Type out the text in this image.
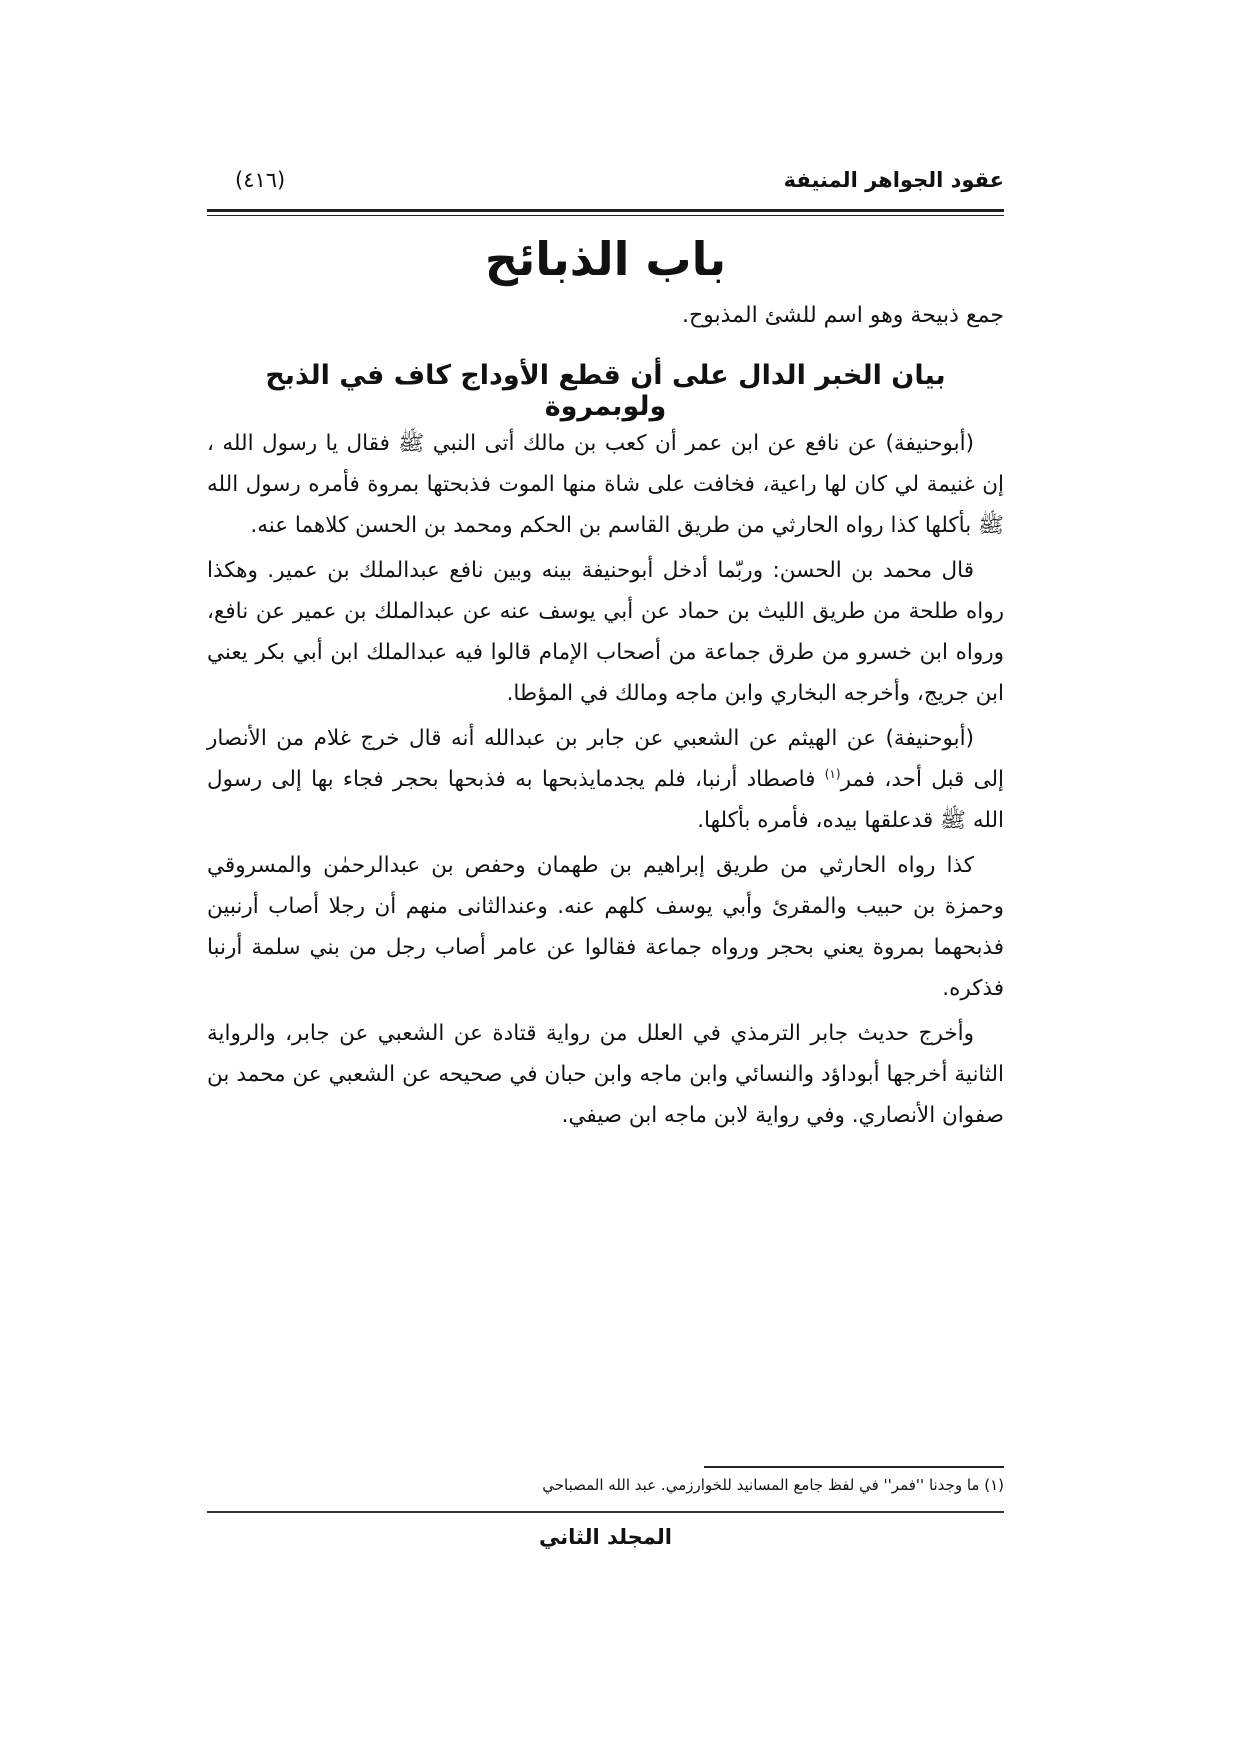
عقود الجواهر المنيفة
(٤١٦)
باب الذبائح
جمع ذبيحة وهو اسم للشئ المذبوح.
بيان الخبر الدال على أن قطع الأوداج كاف في الذبح ولوبمروة

(أبوحنيفة) عن نافع عن ابن عمر أن كعب بن مالك أتى النبي ﷺ فقال يا رسول الله ، إن غنيمة لي كان لها راعية، فخافت على شاة منها الموت فذبحتها بمروة فأمره رسول الله ﷺ بأكلها كذا رواه الحارثي من طريق القاسم بن الحكم ومحمد بن الحسن كلاهما عنه.

قال محمد بن الحسن: وربّما أدخل أبوحنيفة بينه وبين نافع عبدالملك بن عمير. وهكذا رواه طلحة من طريق الليث بن حماد عن أبي يوسف عنه عن عبدالملك بن عمير عن نافع، ورواه ابن خسرو من طرق جماعة من أصحاب الإمام قالوا فيه عبدالملك ابن أبي بكر يعني ابن جريج، وأخرجه البخاري وابن ماجه ومالك في المؤطا.

(أبوحنيفة) عن الهيثم عن الشعبي عن جابر بن عبدالله أنه قال خرج غلام من الأنصار إلى قبل أحد، فمر$^{(١)}$ فاصطاد أرنبا، فلم يجدمايذبحها به فذبحها بحجر فجاء بها إلى رسول الله ﷺ قدعلقها بيده، فأمره بأكلها.

كذا رواه الحارثي من طريق إبراهيم بن طهمان وحفص بن عبدالرحمٰن والمسروقي وحمزة بن حبيب والمقرئ وأبي يوسف كلهم عنه. وعندالثانى منهم أن رجلا أصاب أرنبين فذبحهما بمروة يعني بحجر ورواه جماعة فقالوا عن عامر أصاب رجل من بني سلمة أرنبا فذكره.

وأخرج حديث جابر الترمذي في العلل من رواية قتادة عن الشعبي عن جابر، والرواية الثانية أخرجها أبوداؤد والنسائي وابن ماجه وابن حبان في صحيحه عن الشعبي عن محمد بن صفوان الأنصاري. وفي رواية لابن ماجه ابن صيفي.

(١) ما وجدنا ''فمر'' في لفظ جامع المسانيد للخوارزمي. عبد الله المصباحي
المجلد الثاني
